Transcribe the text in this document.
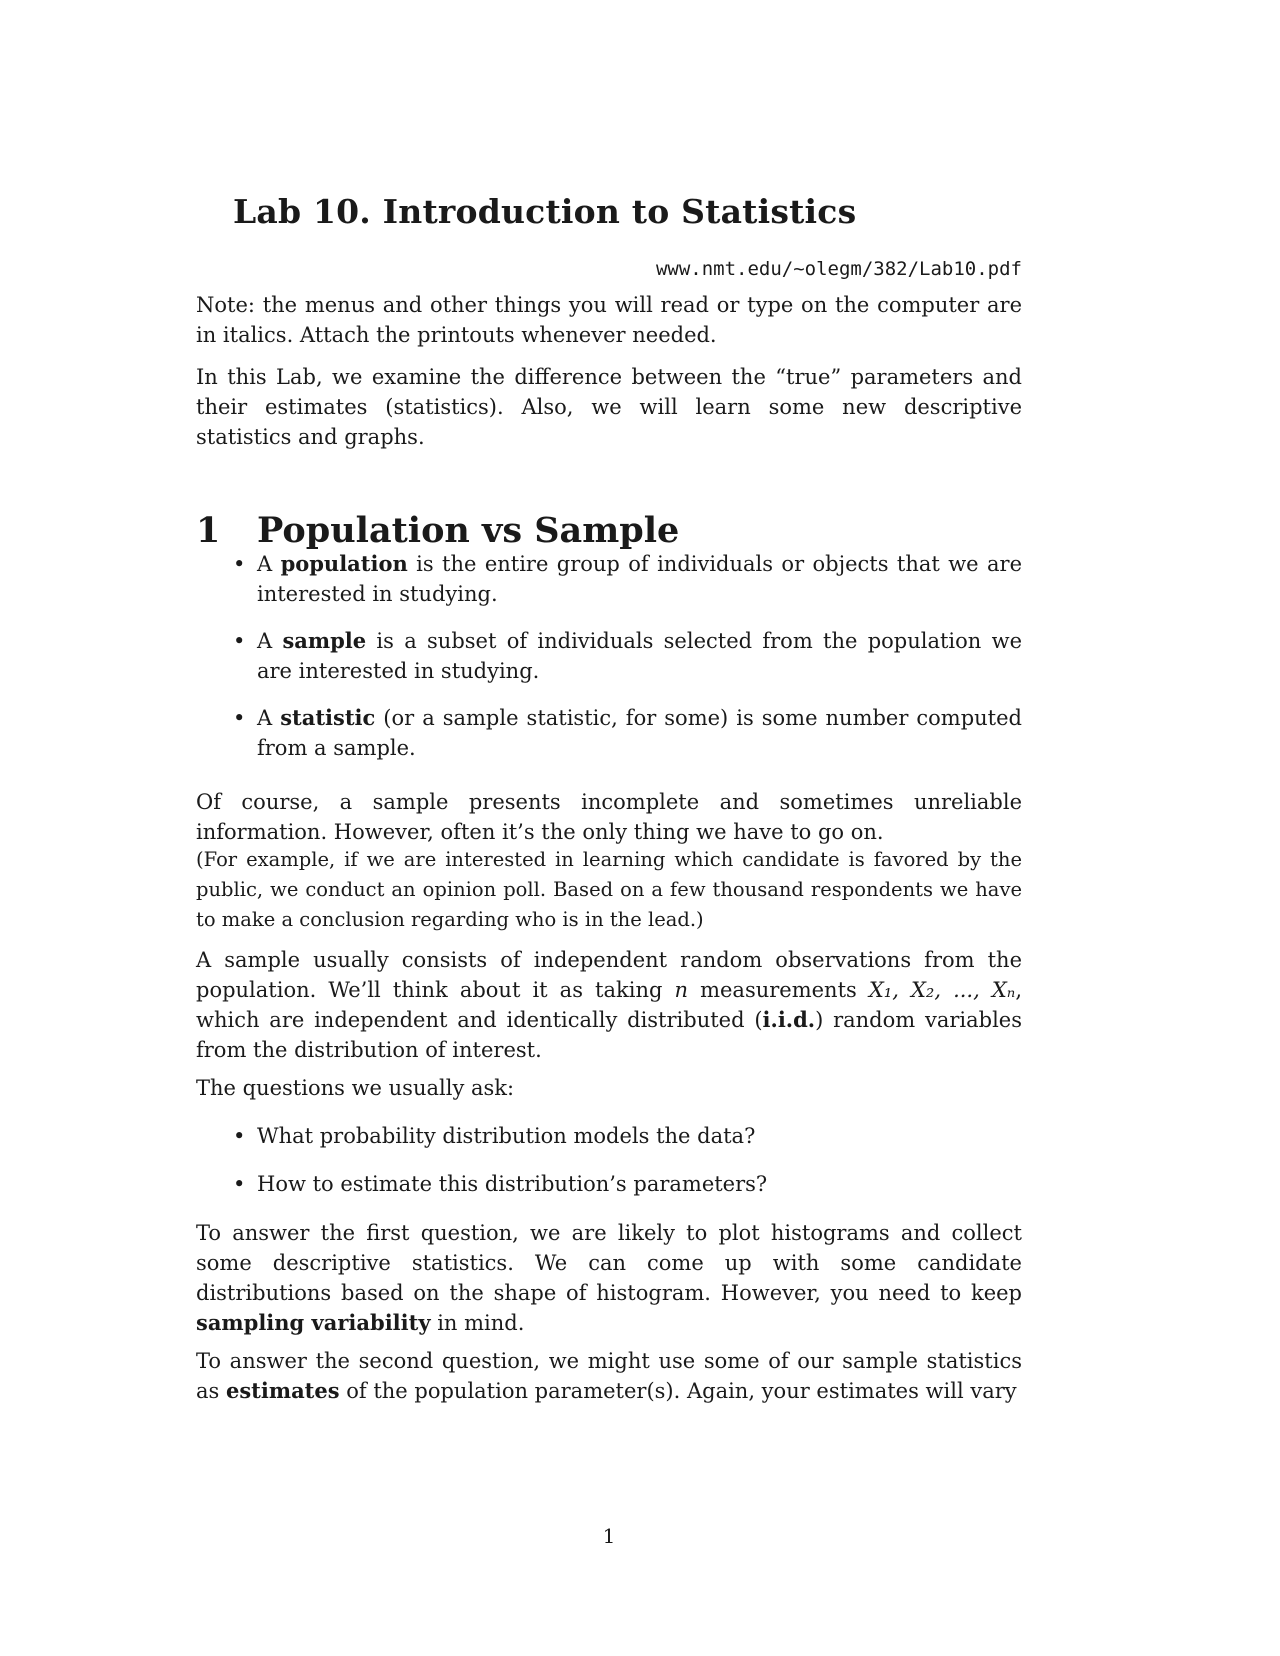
Lab 10. Introduction to Statistics
www.nmt.edu/~olegm/382/Lab10.pdf

Note: the menus and other things you will read or type on the computer are in italics. Attach the printouts whenever needed.

In this Lab, we examine the difference between the “true” parameters and their estimates (statistics). Also, we will learn some new descriptive statistics and graphs.

1 Population vs Sample
• A population is the entire group of individuals or objects that we are interested in studying.

• A sample is a subset of individuals selected from the population we are interested in studying.

• A statistic (or a sample statistic, for some) is some number computed from a sample.

Of course, a sample presents incomplete and sometimes unreliable information. However, often it’s the only thing we have to go on.

(For example, if we are interested in learning which candidate is favored by the public, we conduct an opinion poll. Based on a few thousand respondents we have to make a conclusion regarding who is in the lead.)

A sample usually consists of independent random observations from the population. We’ll think about it as taking n measurements X₁, X₂, ..., Xₙ, which are independent and identically distributed (i.i.d.) random variables from the distribution of interest.

The questions we usually ask:

• What probability distribution models the data?

• How to estimate this distribution’s parameters?

To answer the first question, we are likely to plot histograms and collect some descriptive statistics. We can come up with some candidate distributions based on the shape of histogram. However, you need to keep sampling variability in mind.

To answer the second question, we might use some of our sample statistics as estimates of the population parameter(s). Again, your estimates will vary

1
